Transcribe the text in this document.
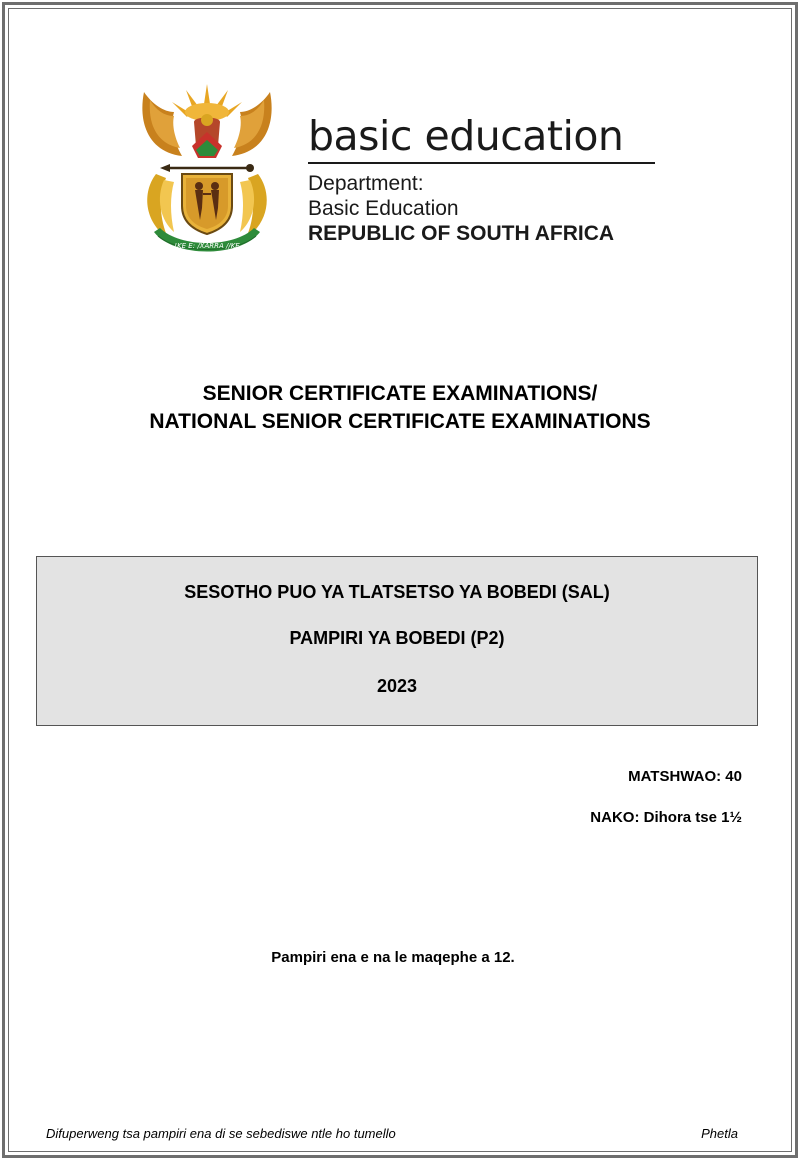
!KE E: /XARRA //KE
basic education
Department:
Basic Education
REPUBLIC OF SOUTH AFRICA
SENIOR CERTIFICATE EXAMINATIONS/
NATIONAL SENIOR CERTIFICATE EXAMINATIONS
SESOTHO PUO YA TLATSETSO YA BOBEDI (SAL)
PAMPIRI YA BOBEDI (P2)
2023
MATSHWAO: 40
NAKO: Dihora tse 1½
Pampiri ena e na le maqephe a 12.
Difuperweng tsa pampiri ena di se sebediswe ntle ho tumello	Phetla
